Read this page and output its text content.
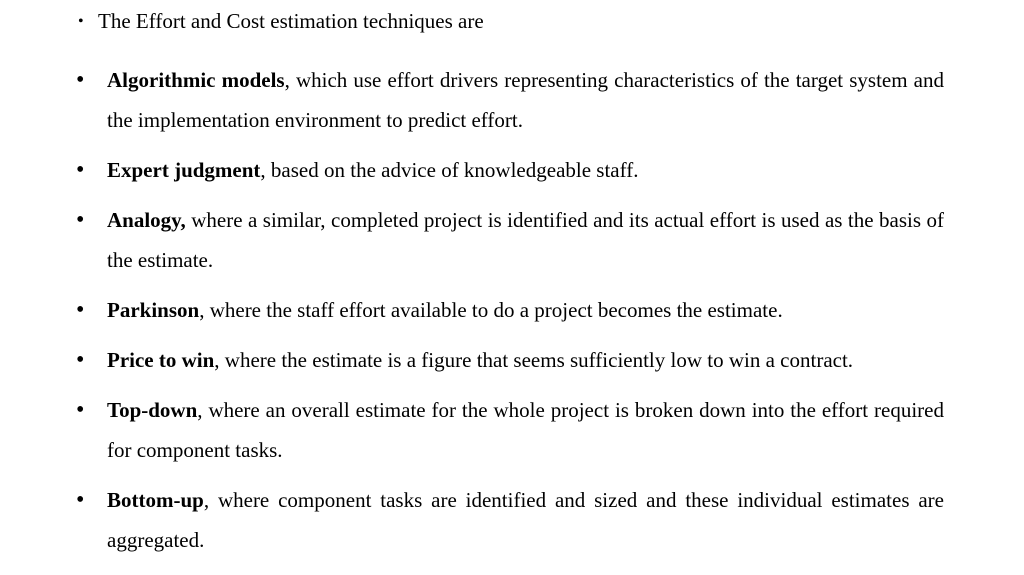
• The Effort and Cost estimation techniques are
• Algorithmic models, which use effort drivers representing characteristics of the target system and the implementation environment to predict effort.
• Expert judgment, based on the advice of knowledgeable staff.
• Analogy, where a similar, completed project is identified and its actual effort is used as the basis of the estimate.
• Parkinson, where the staff effort available to do a project becomes the estimate.
• Price to win, where the estimate is a figure that seems sufficiently low to win a contract.
• Top-down, where an overall estimate for the whole project is broken down into the effort required for component tasks.
• Bottom-up, where component tasks are identified and sized and these individual estimates are aggregated.
